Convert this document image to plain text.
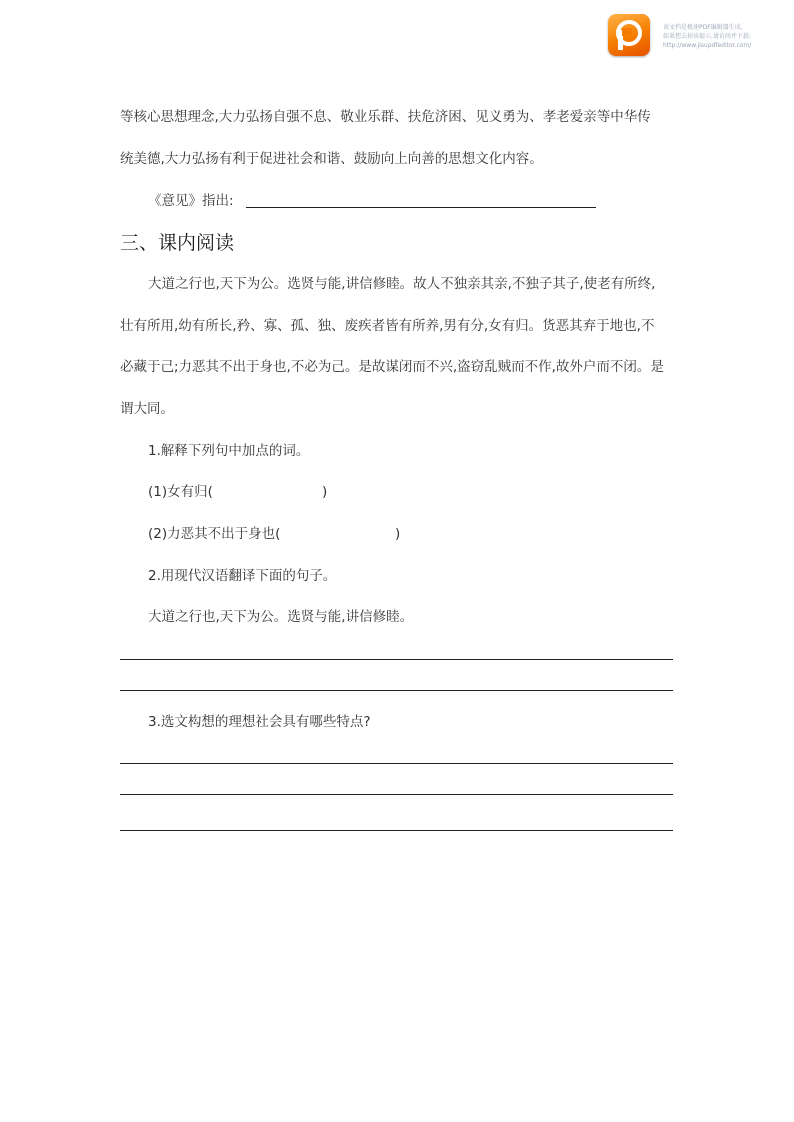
该文档是极速PDF编辑器生成,
如果想去掉该提示,请访问并下载:
http://www.jisupdfeditor.com/
等核心思想理念,大力弘扬自强不息、敬业乐群、扶危济困、见义勇为、孝老爱亲等中华传
统美德,大力弘扬有利于促进社会和谐、鼓励向上向善的思想文化内容。
《意见》指出:
三、课内阅读
大道之行也,天下为公。选贤与能,讲信修睦。故人不独亲其亲,不独子其子,使老有所终,
壮有所用,幼有所长,矜、寡、孤、独、废疾者皆有所养,男有分,女有归。货恶其弃于地也,不
必藏于己;力恶其不出于身也,不必为己。是故谋闭而不兴,盗窃乱贼而不作,故外户而不闭。是
谓大同。
1.解释下列句中加点的词。
(1)女有归(	)
(2)力恶其不出于身也(	)
2.用现代汉语翻译下面的句子。
大道之行也,天下为公。选贤与能,讲信修睦。
3.选文构想的理想社会具有哪些特点?
